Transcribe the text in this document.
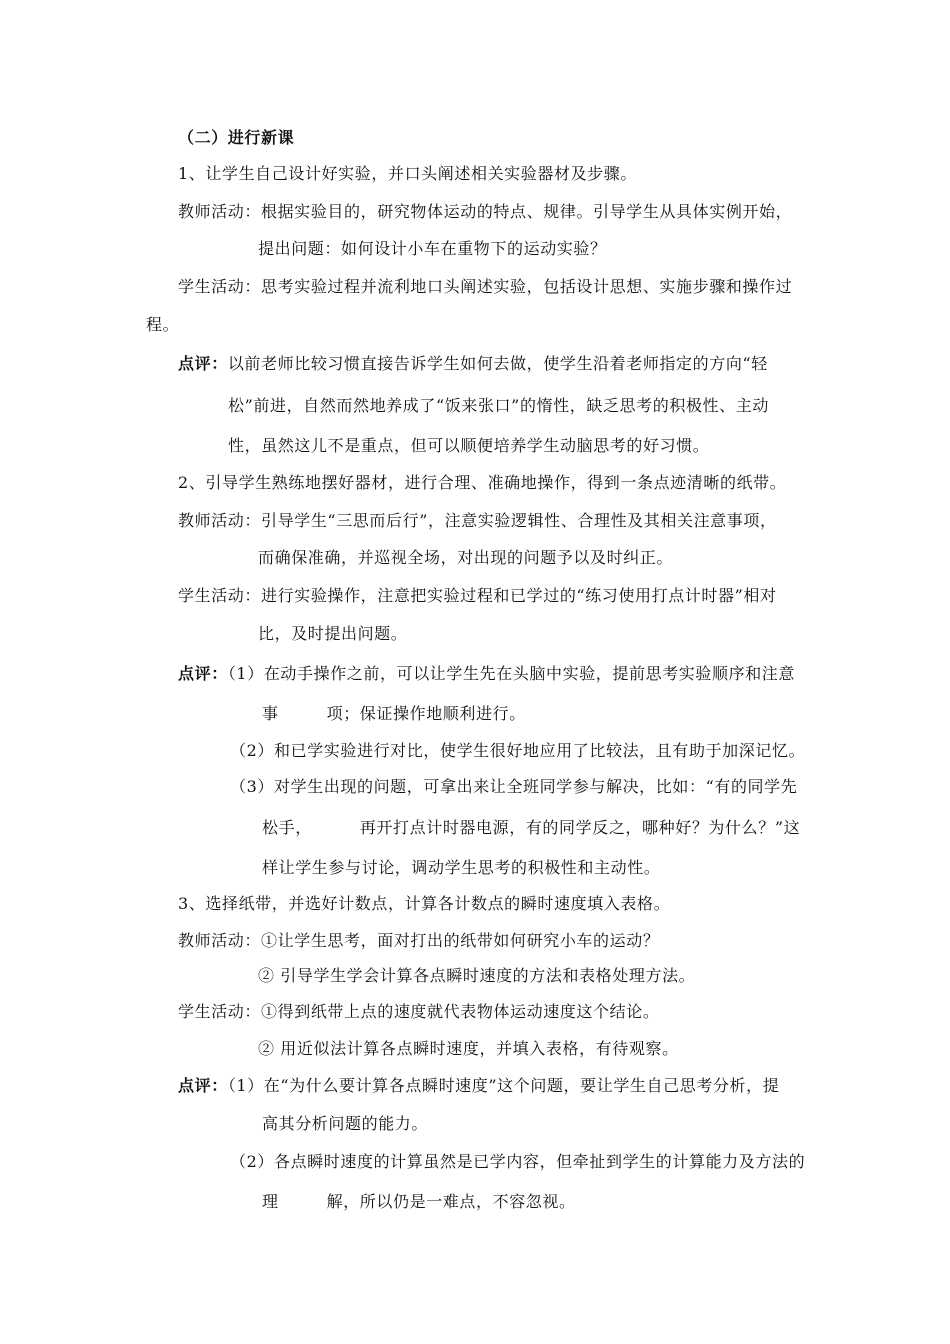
（二）进行新课
1、让学生自己设计好实验，并口头阐述相关实验器材及步骤。
教师活动：根据实验目的，研究物体运动的特点、规律。引导学生从具体实例开始，
提出问题：如何设计小车在重物下的运动实验？
学生活动：思考实验过程并流利地口头阐述实验，包括设计思想、实施步骤和操作过
程。
点评：以前老师比较习惯直接告诉学生如何去做，使学生沿着老师指定的方向“轻
松”前进，自然而然地养成了“饭来张口”的惰性，缺乏思考的积极性、主动
性，虽然这儿不是重点，但可以顺便培养学生动脑思考的好习惯。
2、引导学生熟练地摆好器材，进行合理、准确地操作，得到一条点迹清晰的纸带。
教师活动：引导学生“三思而后行”，注意实验逻辑性、合理性及其相关注意事项，
而确保准确，并巡视全场，对出现的问题予以及时纠正。
学生活动：进行实验操作，注意把实验过程和已学过的“练习使用打点计时器”相对
比，及时提出问题。
点评：（1）在动手操作之前，可以让学生先在头脑中实验，提前思考实验顺序和注意
事	项；保证操作地顺利进行。
（2）和已学实验进行对比，使学生很好地应用了比较法，且有助于加深记忆。
（3）对学生出现的问题，可拿出来让全班同学参与解决，比如：“有的同学先
松手，	再开打点计时器电源，有的同学反之，哪种好？为什么？”这
样让学生参与讨论，调动学生思考的积极性和主动性。
3、选择纸带，并选好计数点，计算各计数点的瞬时速度填入表格。
教师活动：①让学生思考，面对打出的纸带如何研究小车的运动？
② 引导学生学会计算各点瞬时速度的方法和表格处理方法。
学生活动：①得到纸带上点的速度就代表物体运动速度这个结论。
② 用近似法计算各点瞬时速度，并填入表格，有待观察。
点评：（1）在“为什么要计算各点瞬时速度”这个问题，要让学生自己思考分析，提
高其分析问题的能力。
（2）各点瞬时速度的计算虽然是已学内容，但牵扯到学生的计算能力及方法的
理	解，所以仍是一难点，不容忽视。
